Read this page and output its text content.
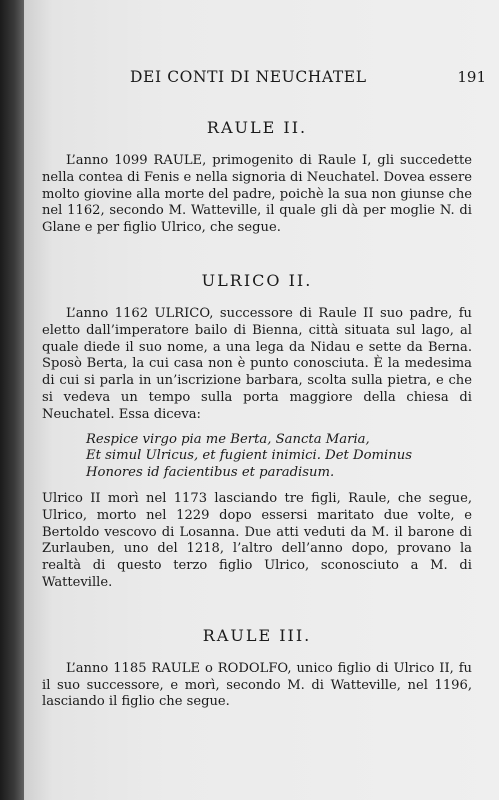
DEI CONTI DI NEUCHATEL	191
RAULE II.

L’anno 1099 RAULE, primogenito di Raule I, gli succedette nella contea di Fenis e nella signoria di Neuchatel. Dovea essere molto giovine alla morte del padre, poichè la sua non giunse che nel 1162, secondo M. Watteville, il quale gli dà per moglie N. di Glane e per figlio Ulrico, che segue.

ULRICO II.

L’anno 1162 ULRICO, successore di Raule II suo padre, fu eletto dall’imperatore bailo di Bienna, città situata sul lago, al quale diede il suo nome, a una lega da Nidau e sette da Berna. Sposò Berta, la cui casa non è punto conosciuta. È la medesima di cui si parla in un’iscrizione barbara, scolta sulla pietra, e che si vedeva un tempo sulla porta maggiore della chiesa di Neuchatel. Essa diceva:

Respice virgo pia me Berta, Sancta Maria,
Et simul Ulricus, et fugient inimici. Det Dominus
Honores id facientibus et paradisum.

Ulrico II morì nel 1173 lasciando tre figli, Raule, che segue, Ulrico, morto nel 1229 dopo essersi maritato due volte, e Bertoldo vescovo di Losanna. Due atti veduti da M. il barone di Zurlauben, uno del 1218, l’altro dell’anno dopo, provano la realtà di questo terzo figlio Ulrico, sconosciuto a M. di Watteville.

RAULE III.

L’anno 1185 RAULE o RODOLFO, unico figlio di Ulrico II, fu il suo successore, e morì, secondo M. di Watteville, nel 1196, lasciando il figlio che segue.
